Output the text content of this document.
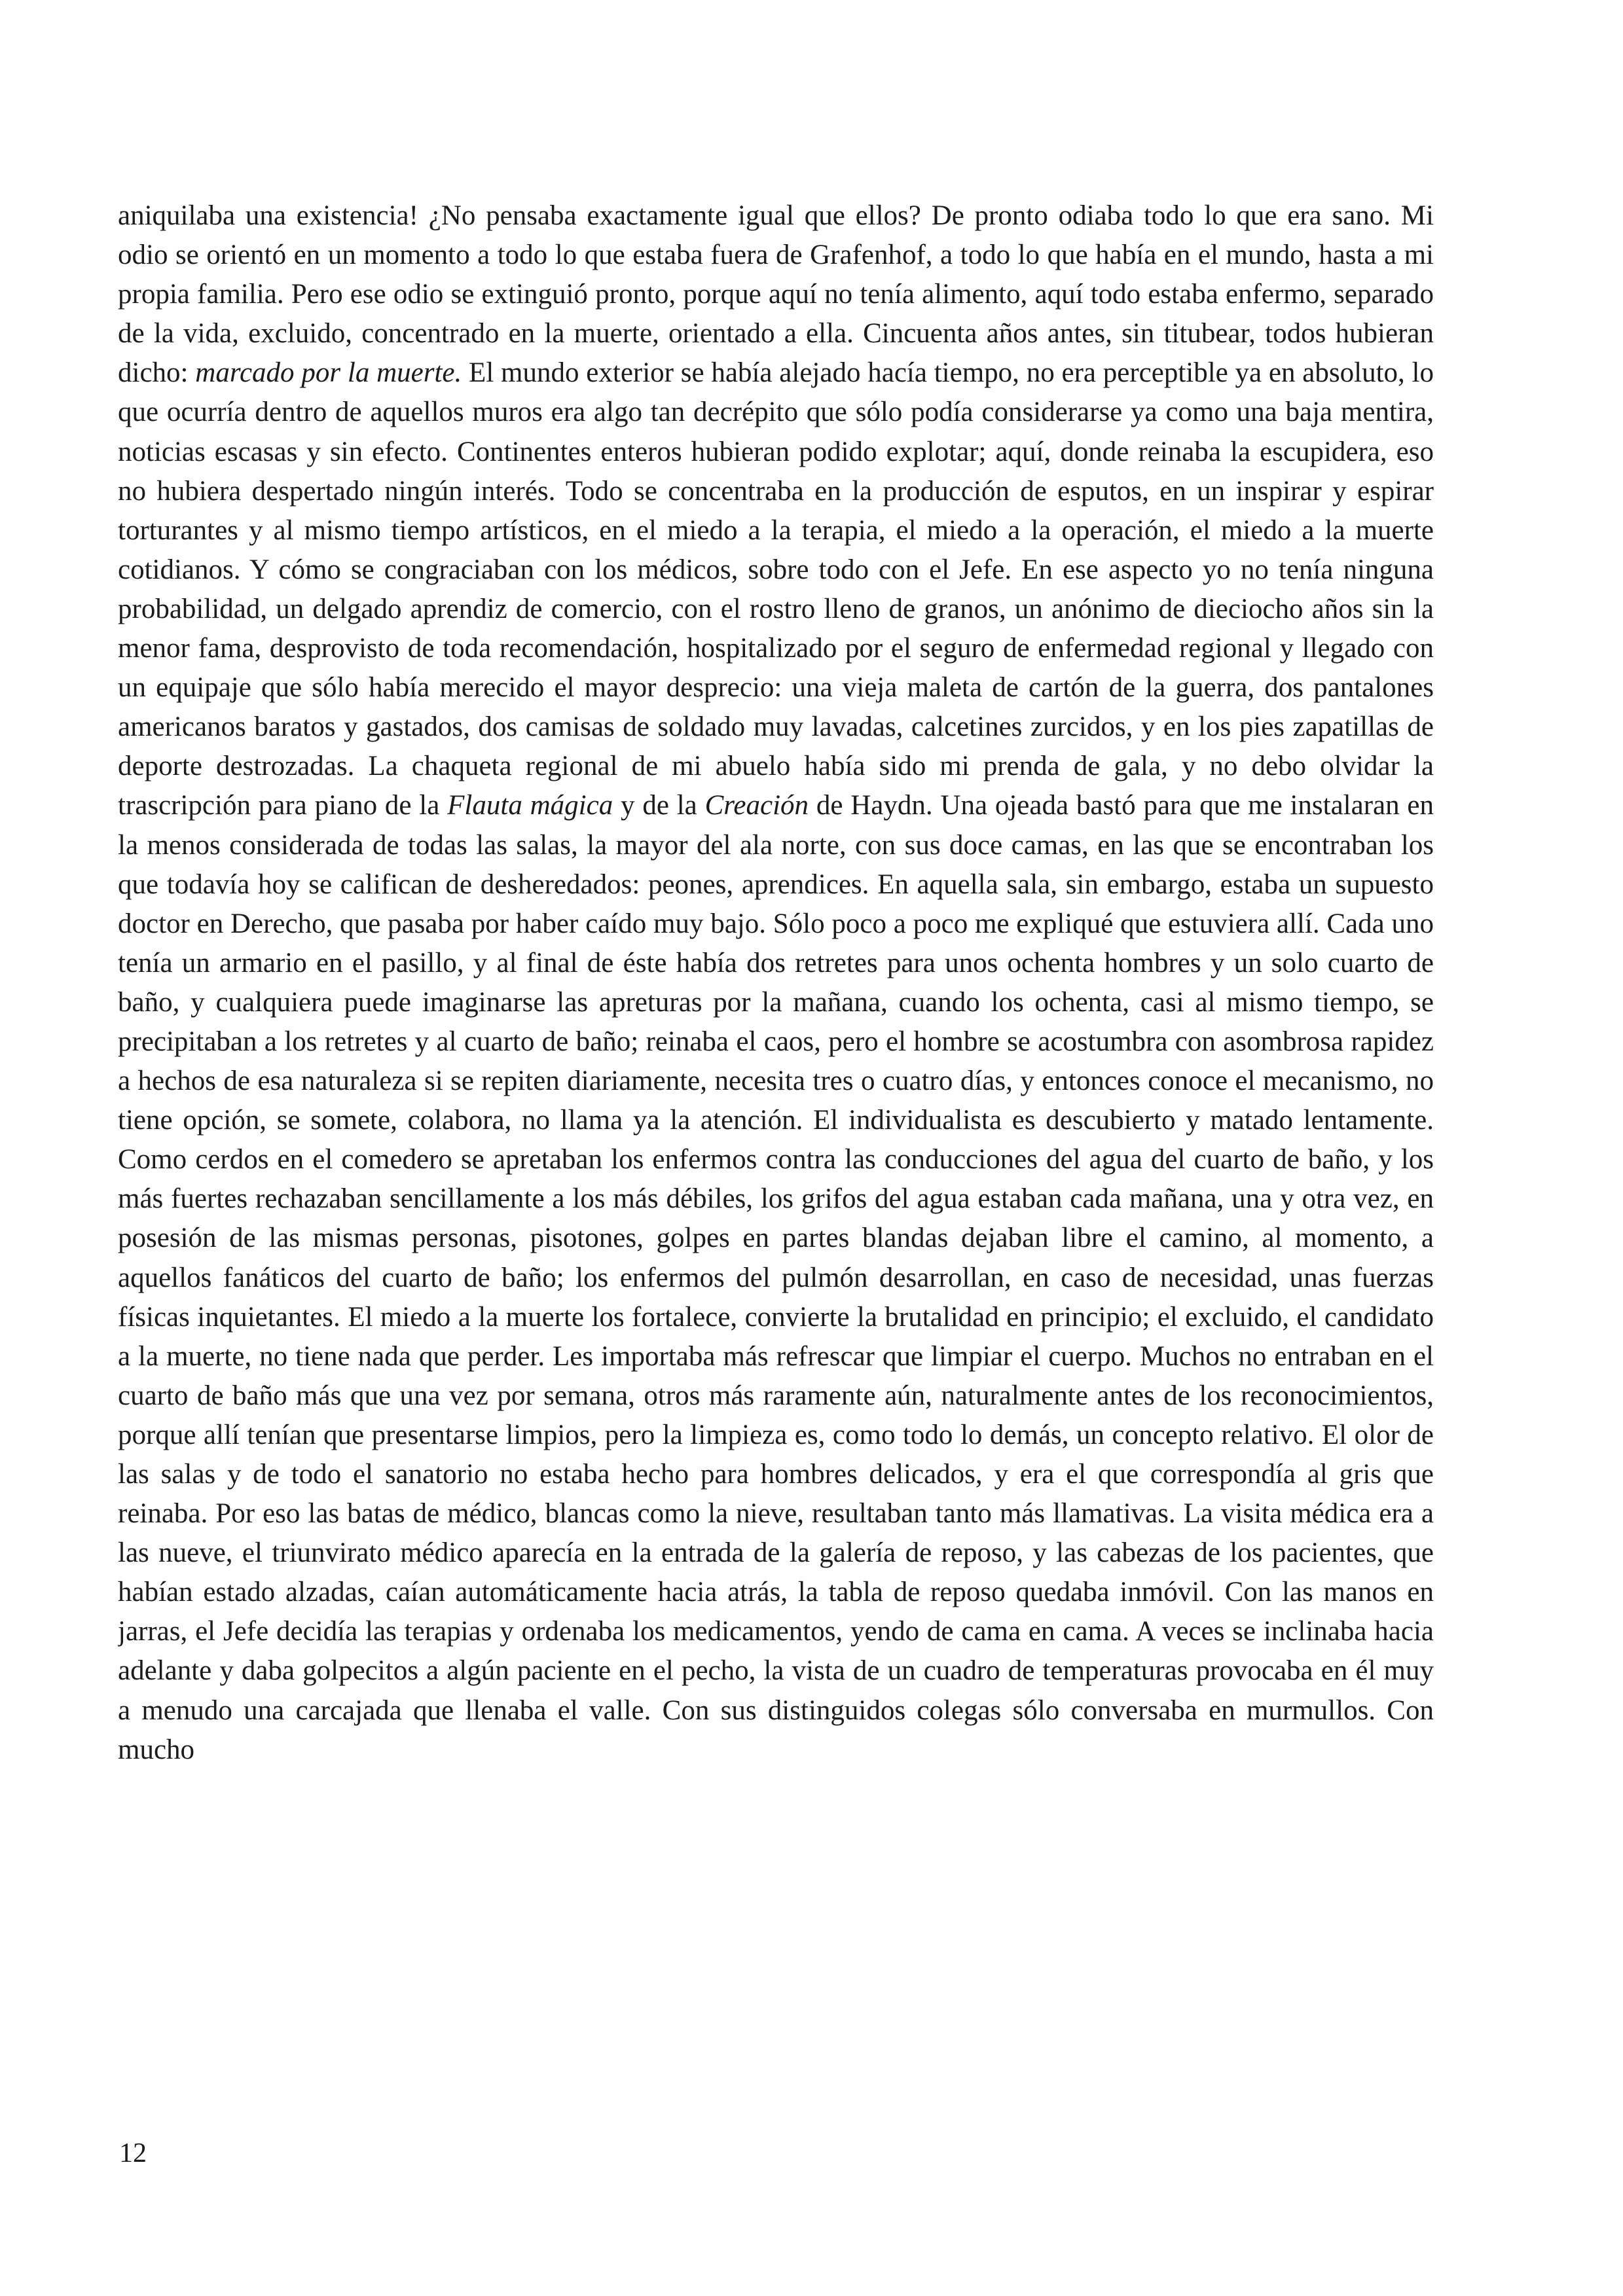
aniquilaba una existencia! ¿No pensaba exactamente igual que ellos? De pronto odiaba todo lo que era sano. Mi odio se orientó en un momento a todo lo que estaba fuera de Grafenhof, a todo lo que había en el mundo, hasta a mi propia familia. Pero ese odio se extinguió pronto, porque aquí no tenía alimento, aquí todo estaba enfermo, separado de la vida, excluido, concentrado en la muerte, orientado a ella. Cincuenta años antes, sin titubear, todos hubieran dicho: marcado por la muerte. El mundo exterior se había alejado hacía tiempo, no era perceptible ya en absoluto, lo que ocurría dentro de aquellos muros era algo tan decrépito que sólo podía considerarse ya como una baja mentira, noticias escasas y sin efecto. Continentes enteros hubieran podido explotar; aquí, donde reinaba la escupidera, eso no hubiera despertado ningún interés. Todo se concentraba en la producción de esputos, en un inspirar y espirar torturantes y al mismo tiempo artísticos, en el miedo a la terapia, el miedo a la operación, el miedo a la muerte cotidianos. Y cómo se congraciaban con los médicos, sobre todo con el Jefe. En ese aspecto yo no tenía ninguna probabilidad, un delgado aprendiz de comercio, con el rostro lleno de granos, un anónimo de dieciocho años sin la menor fama, desprovisto de toda recomendación, hospitalizado por el seguro de enfermedad regional y llegado con un equipaje que sólo había merecido el mayor desprecio: una vieja maleta de cartón de la guerra, dos pantalones americanos baratos y gastados, dos camisas de soldado muy lavadas, calcetines zurcidos, y en los pies zapatillas de deporte destrozadas. La chaqueta regional de mi abuelo había sido mi prenda de gala, y no debo olvidar la trascripción para piano de la Flauta mágica y de la Creación de Haydn. Una ojeada bastó para que me instalaran en la menos considerada de todas las salas, la mayor del ala norte, con sus doce camas, en las que se encontraban los que todavía hoy se califican de desheredados: peones, aprendices. En aquella sala, sin embargo, estaba un supuesto doctor en Derecho, que pasaba por haber caído muy bajo. Sólo poco a poco me expliqué que estuviera allí. Cada uno tenía un armario en el pasillo, y al final de éste había dos retretes para unos ochenta hombres y un solo cuarto de baño, y cualquiera puede imaginarse las apreturas por la mañana, cuando los ochenta, casi al mismo tiempo, se precipitaban a los retretes y al cuarto de baño; reinaba el caos, pero el hombre se acostumbra con asombrosa rapidez a hechos de esa naturaleza si se repiten diariamente, necesita tres o cuatro días, y entonces conoce el mecanismo, no tiene opción, se somete, colabora, no llama ya la atención. El individualista es descubierto y matado lentamente. Como cerdos en el comedero se apretaban los enfermos contra las conducciones del agua del cuarto de baño, y los más fuertes rechazaban sencillamente a los más débiles, los grifos del agua estaban cada mañana, una y otra vez, en posesión de las mismas personas, pisotones, golpes en partes blandas dejaban libre el camino, al momento, a aquellos fanáticos del cuarto de baño; los enfermos del pulmón desarrollan, en caso de necesidad, unas fuerzas físicas inquietantes. El miedo a la muerte los fortalece, convierte la brutalidad en principio; el excluido, el candidato a la muerte, no tiene nada que perder. Les importaba más refrescar que limpiar el cuerpo. Muchos no entraban en el cuarto de baño más que una vez por semana, otros más raramente aún, naturalmente antes de los reconocimientos, porque allí tenían que presentarse limpios, pero la limpieza es, como todo lo demás, un concepto relativo. El olor de las salas y de todo el sanatorio no estaba hecho para hombres delicados, y era el que correspondía al gris que reinaba. Por eso las batas de médico, blancas como la nieve, resultaban tanto más llamativas. La visita médica era a las nueve, el triunvirato médico aparecía en la entrada de la galería de reposo, y las cabezas de los pacientes, que habían estado alzadas, caían automáticamente hacia atrás, la tabla de reposo quedaba inmóvil. Con las manos en jarras, el Jefe decidía las terapias y ordenaba los medicamentos, yendo de cama en cama. A veces se inclinaba hacia adelante y daba golpecitos a algún paciente en el pecho, la vista de un cuadro de temperaturas provocaba en él muy a menudo una carcajada que llenaba el valle. Con sus distinguidos colegas sólo conversaba en murmullos. Con mucho

12
